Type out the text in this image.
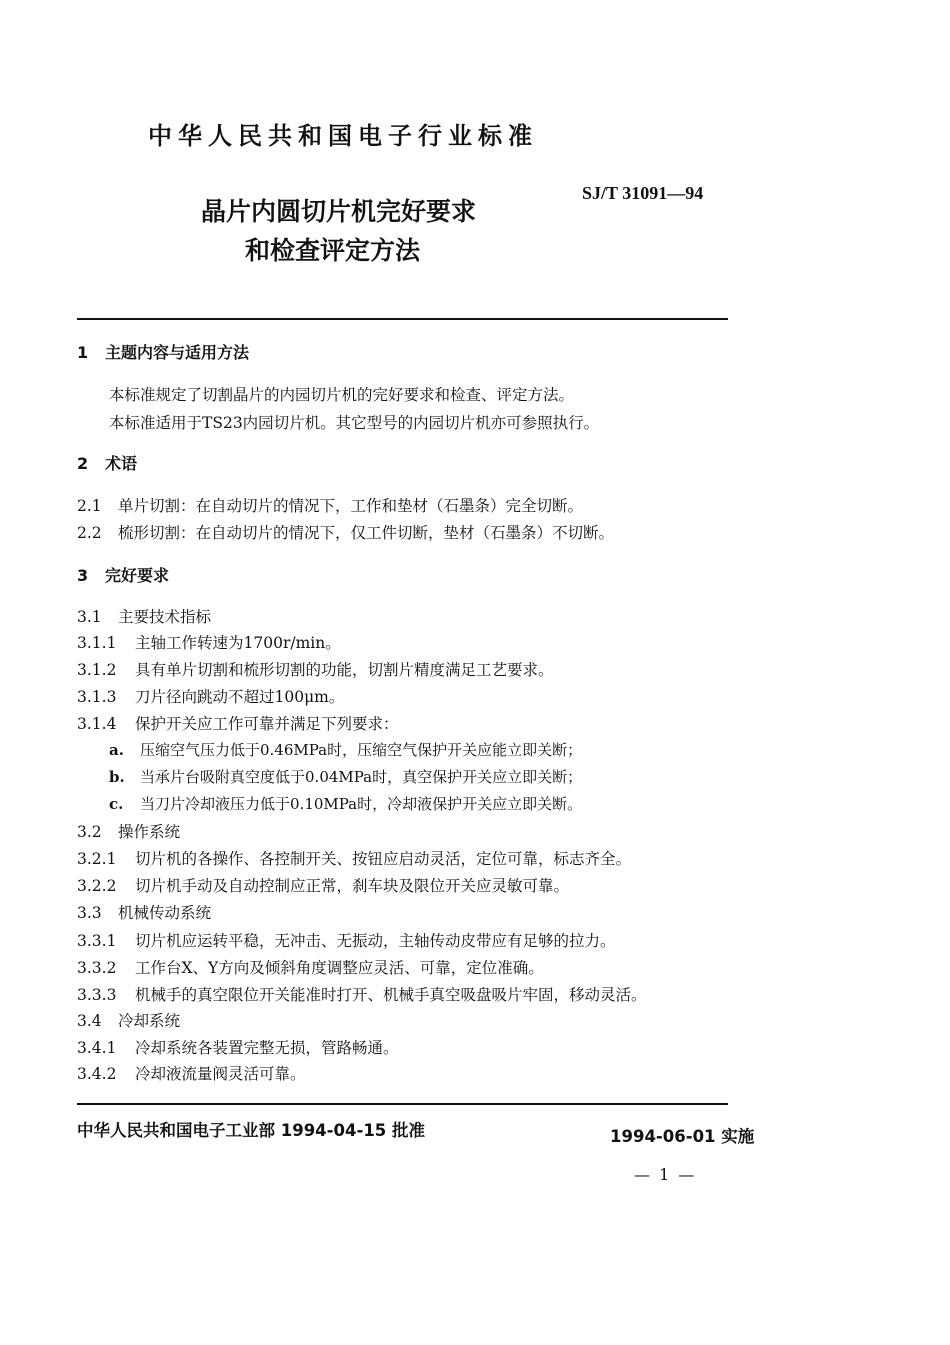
中华人民共和国电子行业标准
晶片内圆切片机完好要求
和检查评定方法
SJ/T 31091—94
1 主题内容与适用方法
本标准规定了切割晶片的内园切片机的完好要求和检查、评定方法。
本标准适用于TS23内园切片机。其它型号的内园切片机亦可参照执行。
2 术语
2.1 单片切割：在自动切片的情况下，工作和垫材（石墨条）完全切断。
2.2 梳形切割：在自动切片的情况下，仅工件切断，垫材（石墨条）不切断。
3 完好要求
3.1 主要技术指标
3.1.1 主轴工作转速为1700r/min。
3.1.2 具有单片切割和梳形切割的功能，切割片精度满足工艺要求。
3.1.3 刀片径向跳动不超过100μm。
3.1.4 保护开关应工作可靠并满足下列要求：
a. 压缩空气压力低于0.46MPa时，压缩空气保护开关应能立即关断；
b. 当承片台吸附真空度低于0.04MPa时，真空保护开关应立即关断；
c. 当刀片冷却液压力低于0.10MPa时，冷却液保护开关应立即关断。
3.2 操作系统
3.2.1 切片机的各操作、各控制开关、按钮应启动灵活，定位可靠，标志齐全。
3.2.2 切片机手动及自动控制应正常，刹车块及限位开关应灵敏可靠。
3.3 机械传动系统
3.3.1 切片机应运转平稳，无冲击、无振动，主轴传动皮带应有足够的拉力。
3.3.2 工作台X、Y方向及倾斜角度调整应灵活、可靠，定位准确。
3.3.3 机械手的真空限位开关能准时打开、机械手真空吸盘吸片牢固，移动灵活。
3.4 冷却系统
3.4.1 冷却系统各装置完整无损，管路畅通。
3.4.2 冷却液流量阀灵活可靠。
中华人民共和国电子工业部 1994-04-15 批准	1994-06-01 实施
— 1 —
